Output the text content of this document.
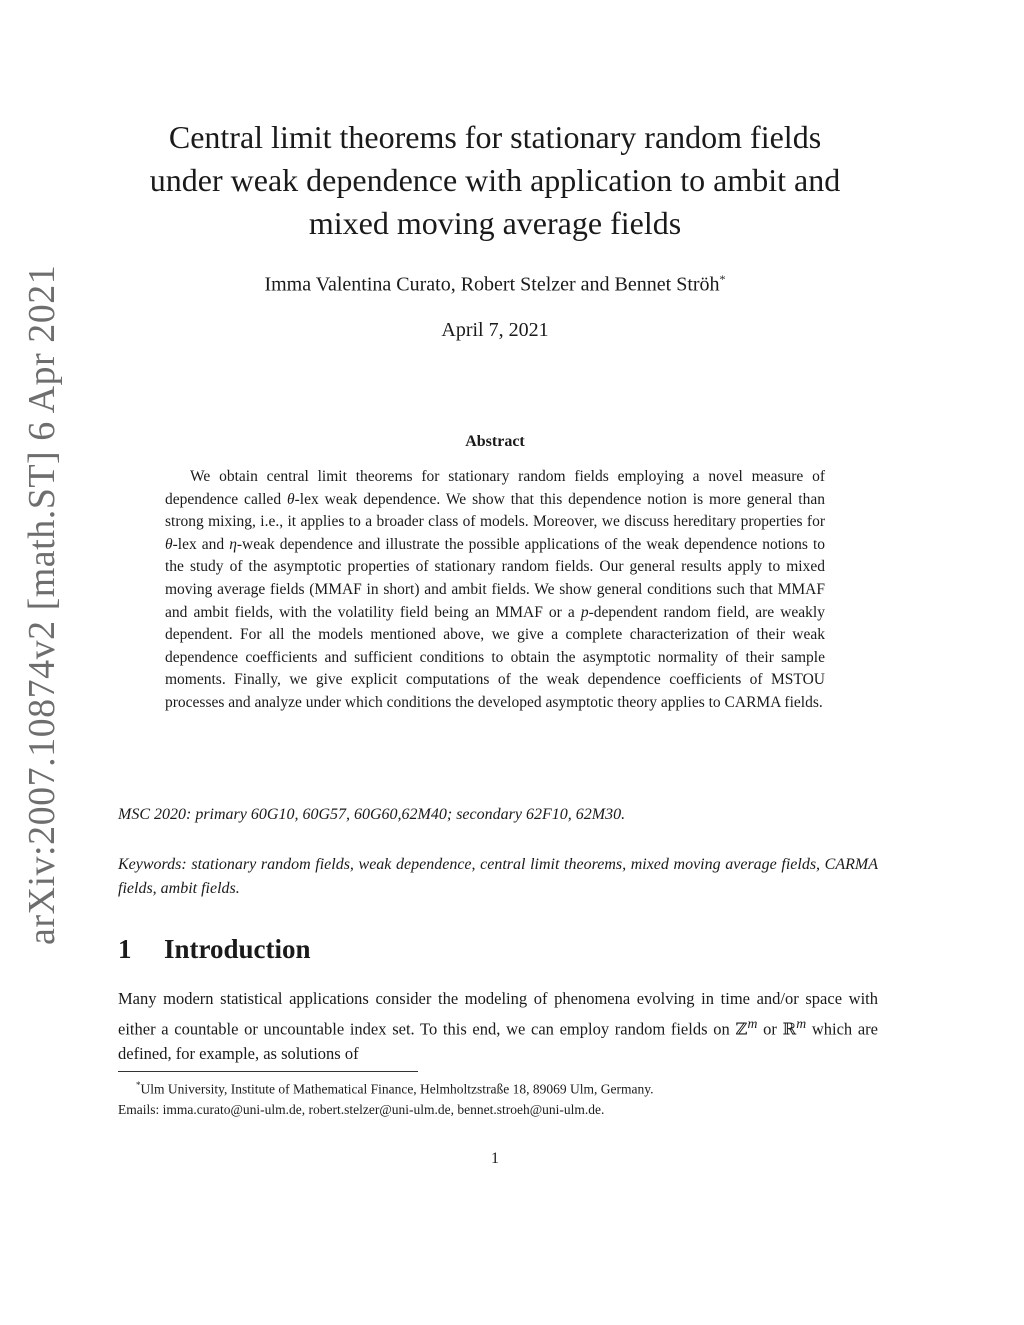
arXiv:2007.10874v2 [math.ST] 6 Apr 2021
Central limit theorems for stationary random fields
under weak dependence with application to ambit and
mixed moving average fields
Imma Valentina Curato, Robert Stelzer and Bennet Ströh*
April 7, 2021
Abstract

We obtain central limit theorems for stationary random fields employing a novel measure of dependence called θ-lex weak dependence. We show that this dependence notion is more general than strong mixing, i.e., it applies to a broader class of models. Moreover, we discuss hereditary properties for θ-lex and η-weak dependence and illustrate the possible applications of the weak dependence notions to the study of the asymptotic properties of stationary random fields. Our general results apply to mixed moving average fields (MMAF in short) and ambit fields. We show general conditions such that MMAF and ambit fields, with the volatility field being an MMAF or a p-dependent random field, are weakly dependent. For all the models mentioned above, we give a complete characterization of their weak dependence coefficients and sufficient conditions to obtain the asymptotic normality of their sample moments. Finally, we give explicit computations of the weak dependence coefficients of MSTOU processes and analyze under which conditions the developed asymptotic theory applies to CARMA fields.

MSC 2020: primary 60G10, 60G57, 60G60,62M40; secondary 62F10, 62M30.
Keywords: stationary random fields, weak dependence, central limit theorems, mixed moving average fields, CARMA fields, ambit fields.
1 Introduction

Many modern statistical applications consider the modeling of phenomena evolving in time and/or space with either a countable or uncountable index set. To this end, we can employ random fields on ℤ$^m$ or ℝ$^m$ which are defined, for example, as solutions of

*Ulm University, Institute of Mathematical Finance, Helmholtzstraße 18, 89069 Ulm, Germany.
Emails: imma.curato@uni-ulm.de, robert.stelzer@uni-ulm.de, bennet.stroeh@uni-ulm.de.
1
